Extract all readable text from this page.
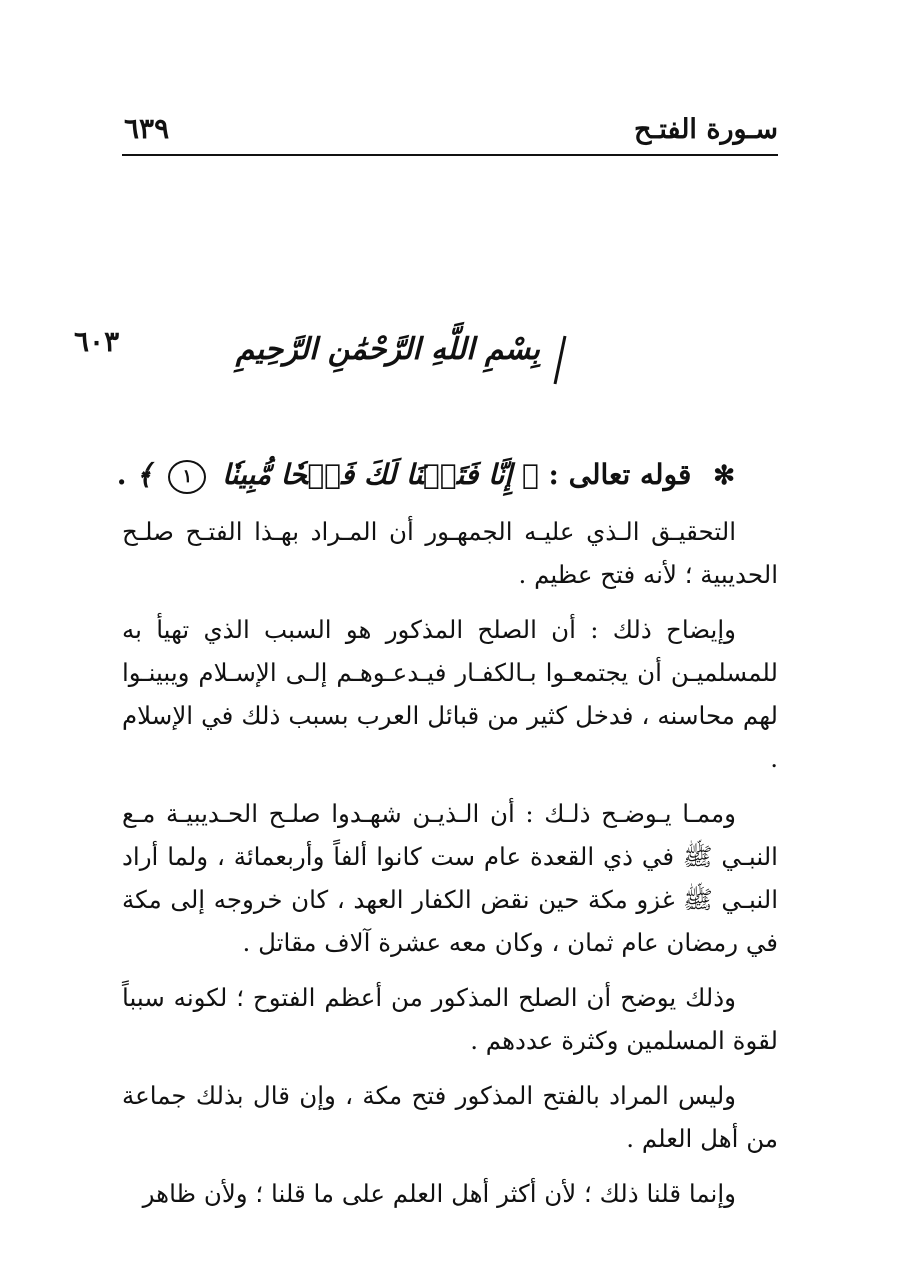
سـورة الفتـح
٦٣٩
٦٠٣	بِسْمِ اللَّهِ الرَّحْمَٰنِ الرَّحِيمِ
✻ قوله تعالى : ﴿ إِنَّا فَتَحۡنَا لَكَ فَتۡحٗا مُّبِينٗا ١ ﴾ .

التحقيـق الـذي عليـه الجمهـور أن المـراد بهـذا الفتـح صلـح الحديبية ؛ لأنه فتح عظيم .

وإيضاح ذلك : أن الصلح المذكور هو السبب الذي تهيأ به للمسلميـن أن يجتمعـوا بـالكفـار فيـدعـوهـم إلـى الإسـلام ويبينـوا لهم محاسنه ، فدخل كثير من قبائل العرب بسبب ذلك في الإسلام .

وممـا يـوضـح ذلـك : أن الـذيـن شهـدوا صلـح الحـديبيـة مـع النبـي ﷺ في ذي القعدة عام ست كانوا ألفاً وأربعمائة ، ولما أراد النبـي ﷺ غزو مكة حين نقض الكفار العهد ، كان خروجه إلى مكة في رمضان عام ثمان ، وكان معه عشرة آلاف مقاتل .

وذلك يوضح أن الصلح المذكور من أعظم الفتوح ؛ لكونه سبباً لقوة المسلمين وكثرة عددهم .

وليس المراد بالفتح المذكور فتح مكة ، وإن قال بذلك جماعة من أهل العلم .

وإنما قلنا ذلك ؛ لأن أكثر أهل العلم على ما قلنا ؛ ولأن ظاهر
